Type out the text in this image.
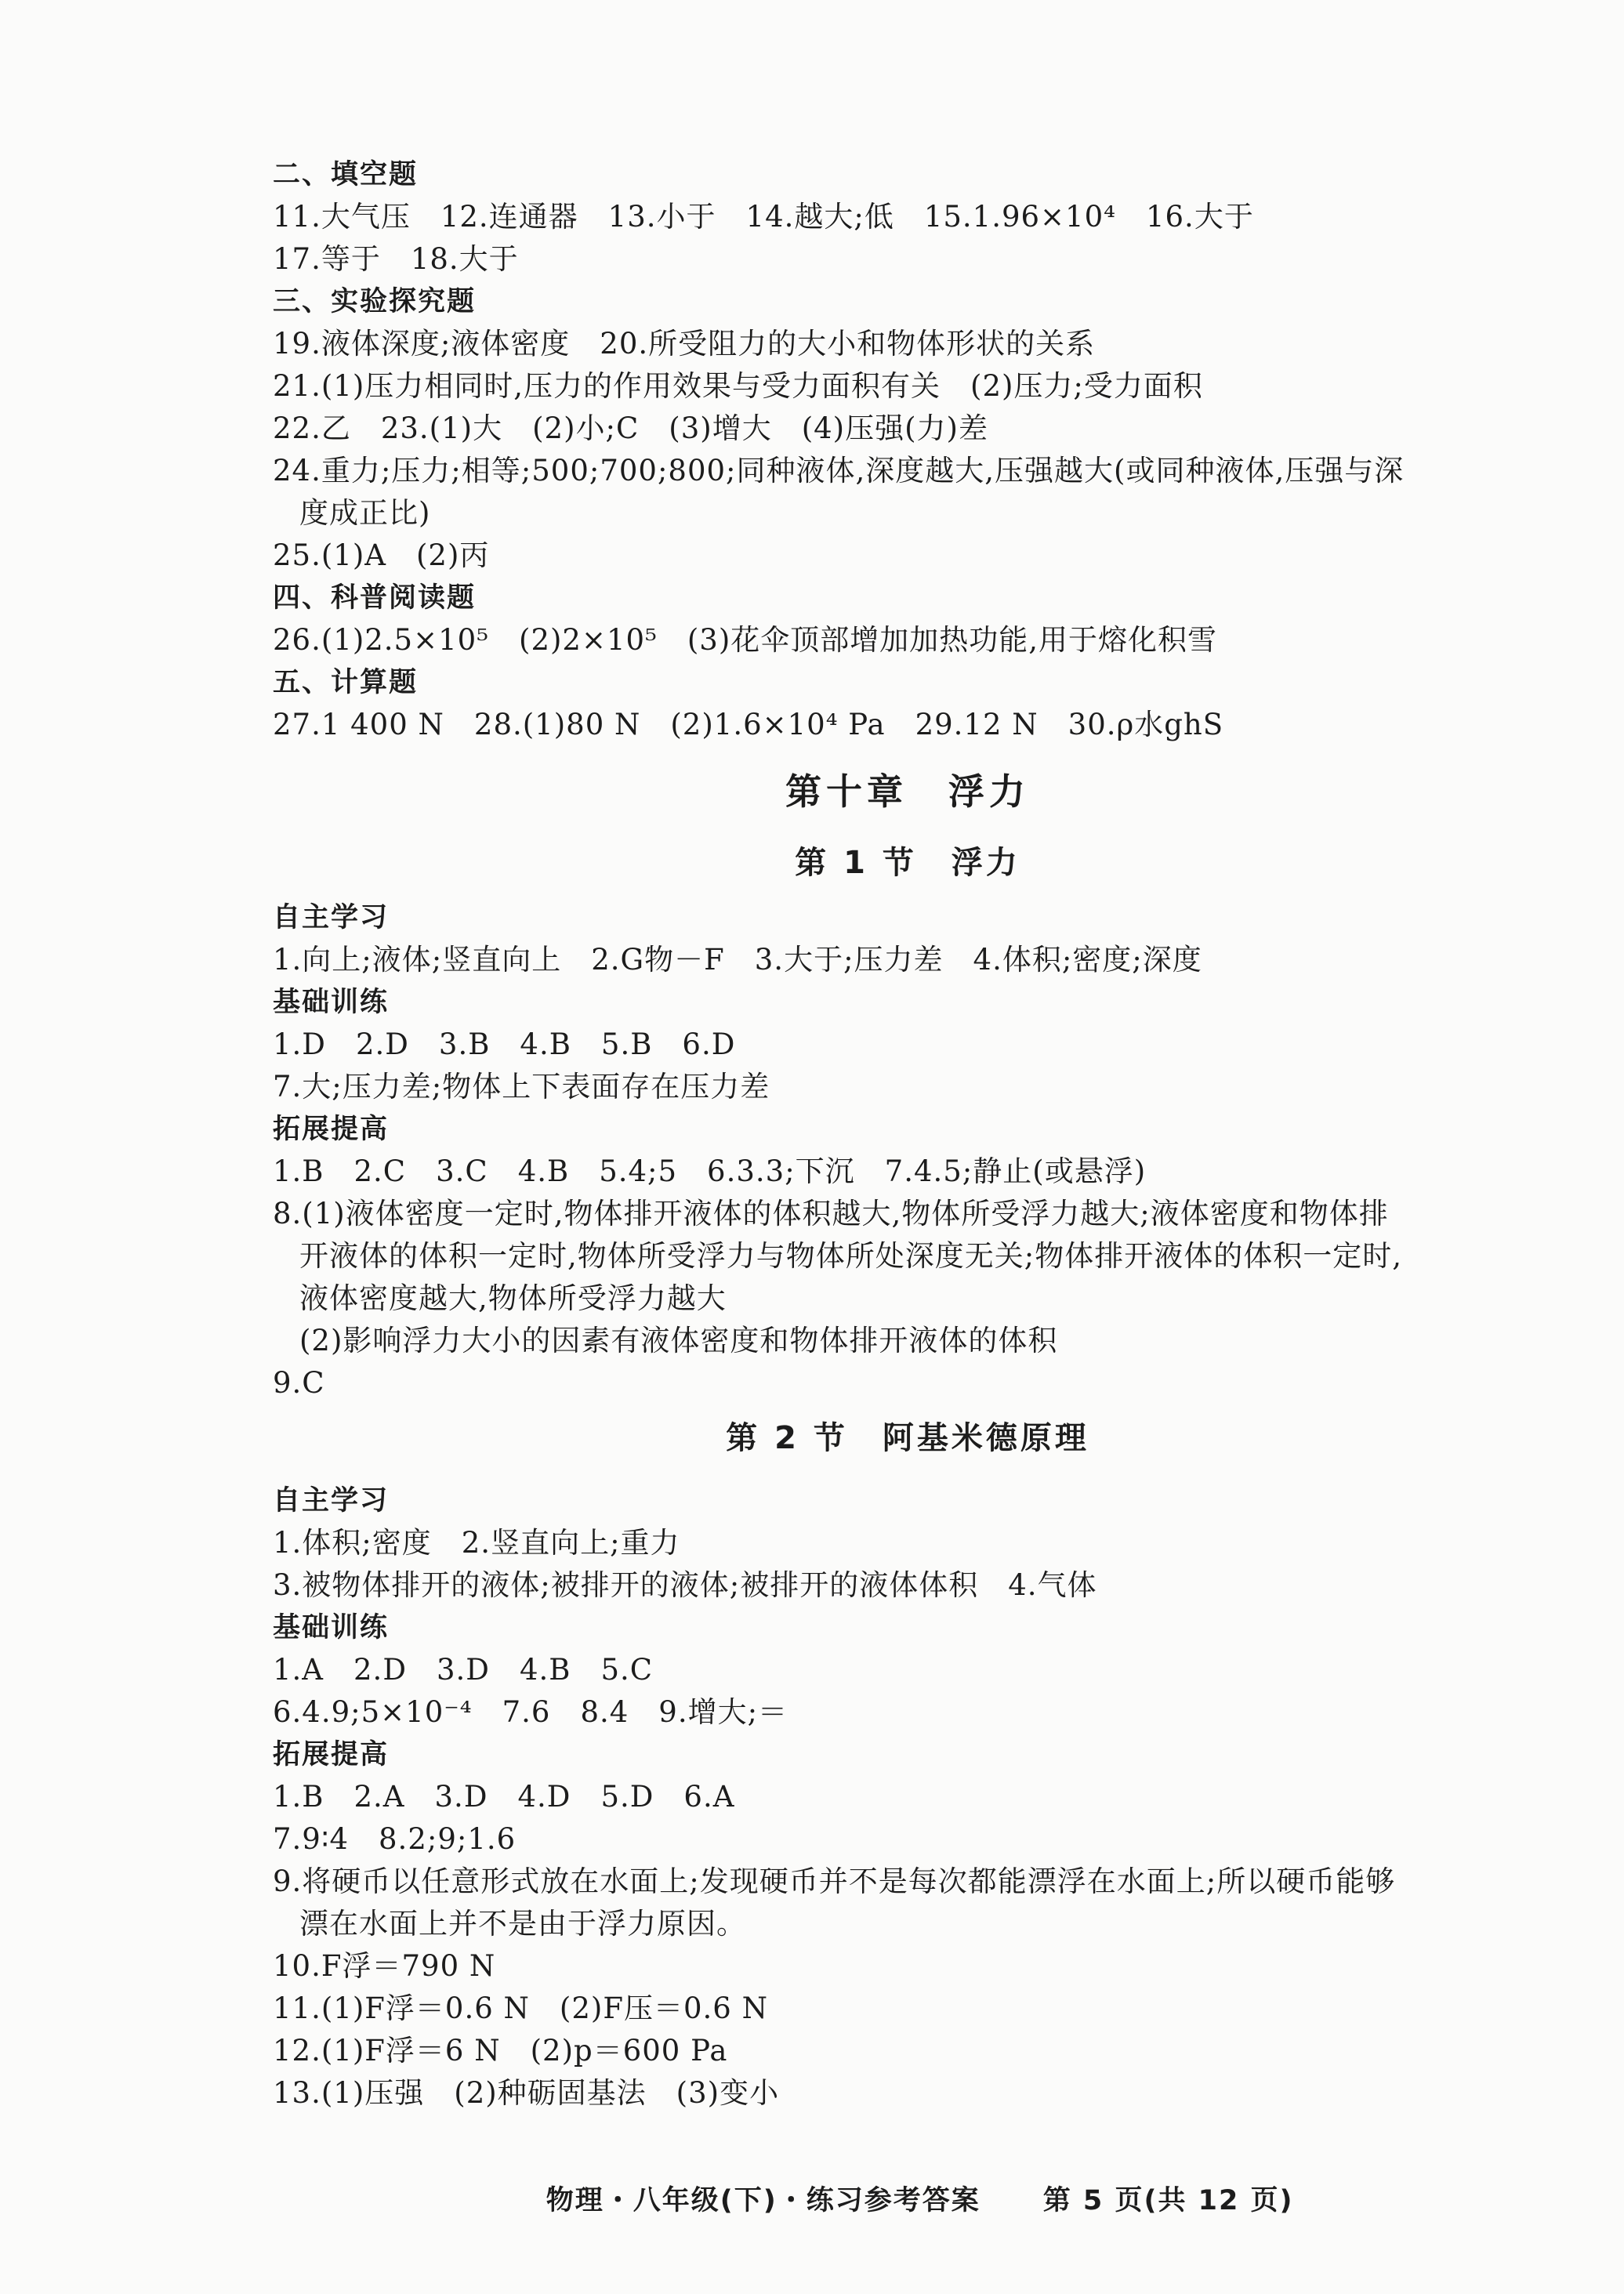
二、填空题
11.大气压　12.连通器　13.小于　14.越大;低　15.1.96×10⁴　16.大于
17.等于　18.大于
三、实验探究题
19.液体深度;液体密度　20.所受阻力的大小和物体形状的关系
21.(1)压力相同时,压力的作用效果与受力面积有关　(2)压力;受力面积
22.乙　23.(1)大　(2)小;C　(3)增大　(4)压强(力)差
24.重力;压力;相等;500;700;800;同种液体,深度越大,压强越大(或同种液体,压强与深
度成正比)
25.(1)A　(2)丙
四、科普阅读题
26.(1)2.5×10⁵　(2)2×10⁵　(3)花伞顶部增加加热功能,用于熔化积雪
五、计算题
27.1 400 N　28.(1)80 N　(2)1.6×10⁴ Pa　29.12 N　30.ρ水ghS
第十章　浮力
第 1 节　浮力
自主学习
1.向上;液体;竖直向上　2.G物－F　3.大于;压力差　4.体积;密度;深度
基础训练
1.D　2.D　3.B　4.B　5.B　6.D
7.大;压力差;物体上下表面存在压力差
拓展提高
1.B　2.C　3.C　4.B　5.4;5　6.3.3;下沉　7.4.5;静止(或悬浮)
8.(1)液体密度一定时,物体排开液体的体积越大,物体所受浮力越大;液体密度和物体排
开液体的体积一定时,物体所受浮力与物体所处深度无关;物体排开液体的体积一定时,
液体密度越大,物体所受浮力越大
(2)影响浮力大小的因素有液体密度和物体排开液体的体积
9.C
第 2 节　阿基米德原理
自主学习
1.体积;密度　2.竖直向上;重力
3.被物体排开的液体;被排开的液体;被排开的液体体积　4.气体
基础训练
1.A　2.D　3.D　4.B　5.C
6.4.9;5×10⁻⁴　7.6　8.4　9.增大;＝
拓展提高
1.B　2.A　3.D　4.D　5.D　6.A
7.9∶4　8.2;9;1.6
9.将硬币以任意形式放在水面上;发现硬币并不是每次都能漂浮在水面上;所以硬币能够
漂在水面上并不是由于浮力原因。
10.F浮＝790 N
11.(1)F浮＝0.6 N　(2)F压＝0.6 N
12.(1)F浮＝6 N　(2)p＝600 Pa
13.(1)压强　(2)种砺固基法　(3)变小

物理・八年级(下)・练习参考答案 第 5 页(共 12 页)
